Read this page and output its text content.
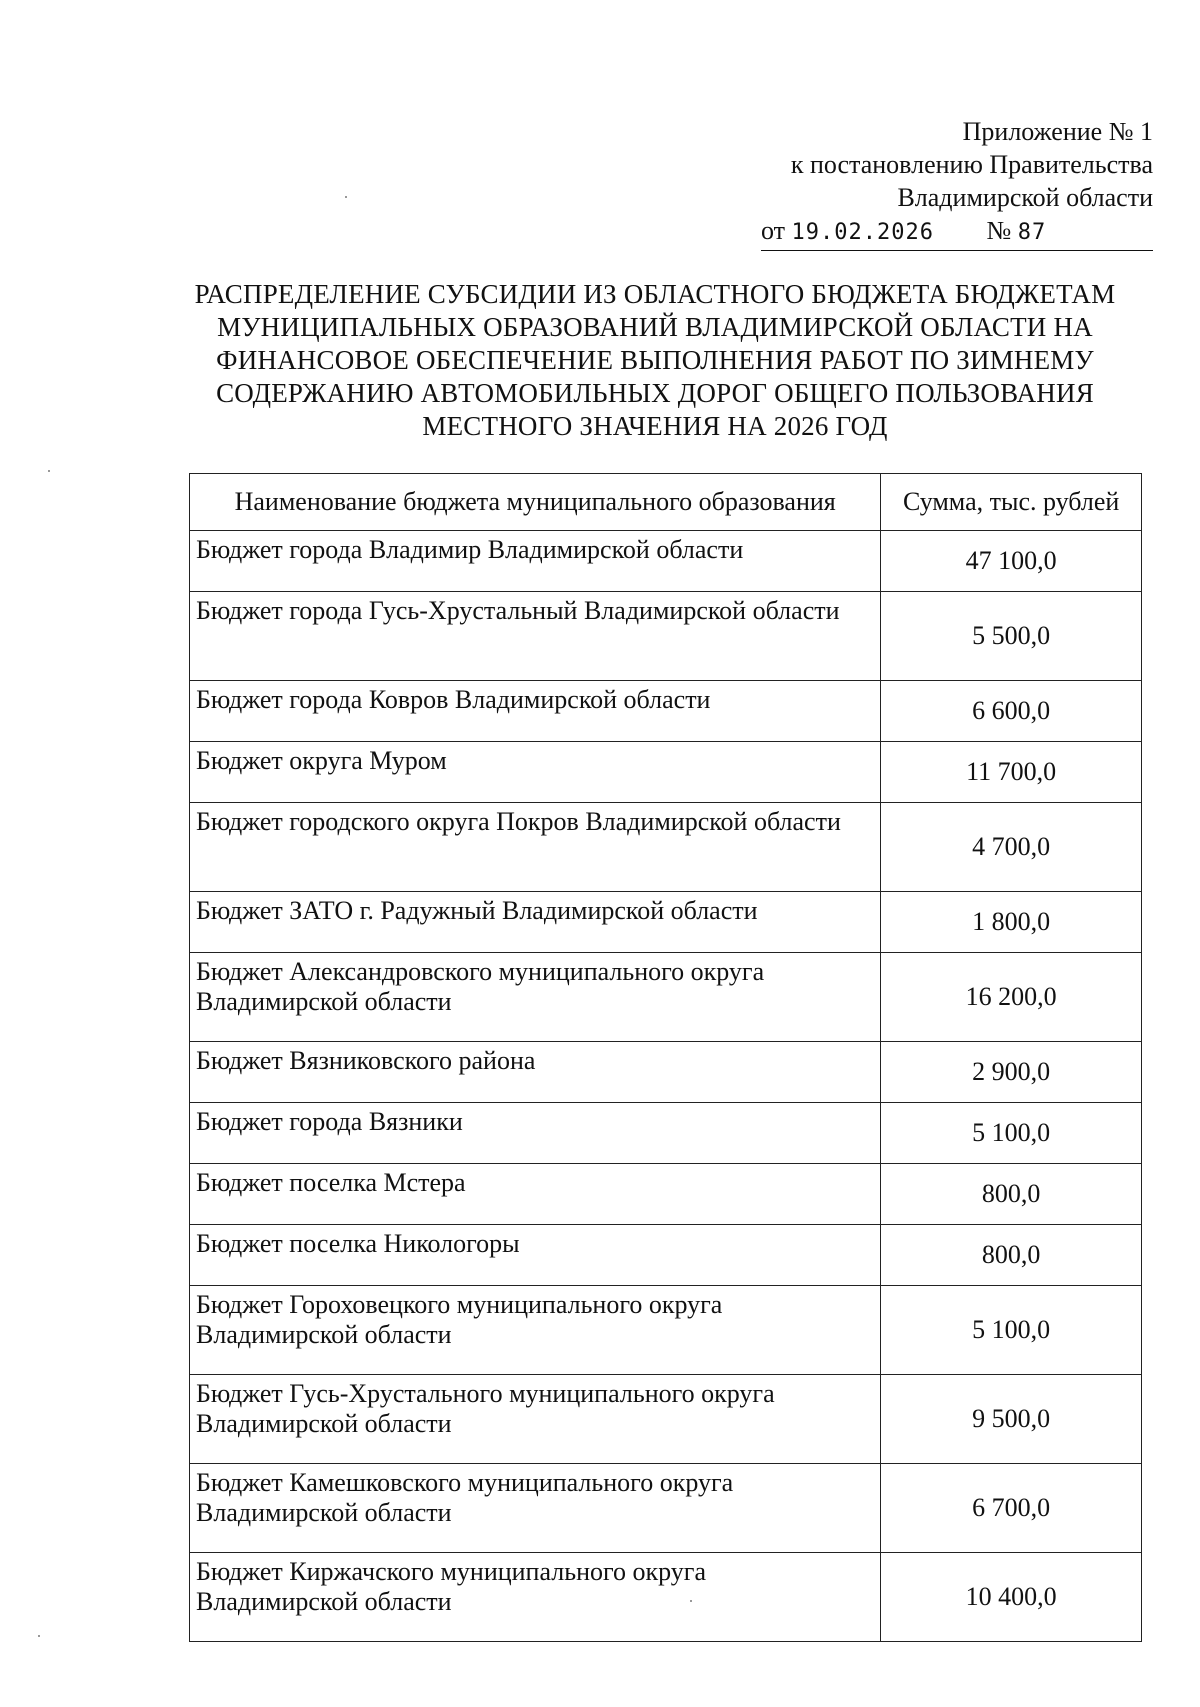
Приложение № 1
к постановлению Правительства
Владимирской области
от 19.02.2026 № 87
РАСПРЕДЕЛЕНИЕ СУБСИДИИ ИЗ ОБЛАСТНОГО БЮДЖЕТА БЮДЖЕТАМ
МУНИЦИПАЛЬНЫХ ОБРАЗОВАНИЙ ВЛАДИМИРСКОЙ ОБЛАСТИ НА
ФИНАНСОВОЕ ОБЕСПЕЧЕНИЕ ВЫПОЛНЕНИЯ РАБОТ ПО ЗИМНЕМУ
СОДЕРЖАНИЮ АВТОМОБИЛЬНЫХ ДОРОГ ОБЩЕГО ПОЛЬЗОВАНИЯ
МЕСТНОГО ЗНАЧЕНИЯ НА 2026 ГОД
Наименование бюджета муниципального образования	Сумма, тыс. рублей
Бюджет города Владимир Владимирской области	47 100,0
Бюджет города Гусь-Хрустальный Владимирской области	5 500,0
Бюджет города Ковров Владимирской области	6 600,0
Бюджет округа Муром	11 700,0
Бюджет городского округа Покров Владимирской области	4 700,0
Бюджет ЗАТО г. Радужный Владимирской области	1 800,0
Бюджет Александровского муниципального округа Владимирской области	16 200,0
Бюджет Вязниковского района	2 900,0
Бюджет города Вязники	5 100,0
Бюджет поселка Мстера	800,0
Бюджет поселка Никологоры	800,0
Бюджет Гороховецкого муниципального округа Владимирской области	5 100,0
Бюджет Гусь-Хрустального муниципального округа Владимирской области	9 500,0
Бюджет Камешковского муниципального округа Владимирской области	6 700,0
Бюджет Киржачского муниципального округа Владимирской области	10 400,0
